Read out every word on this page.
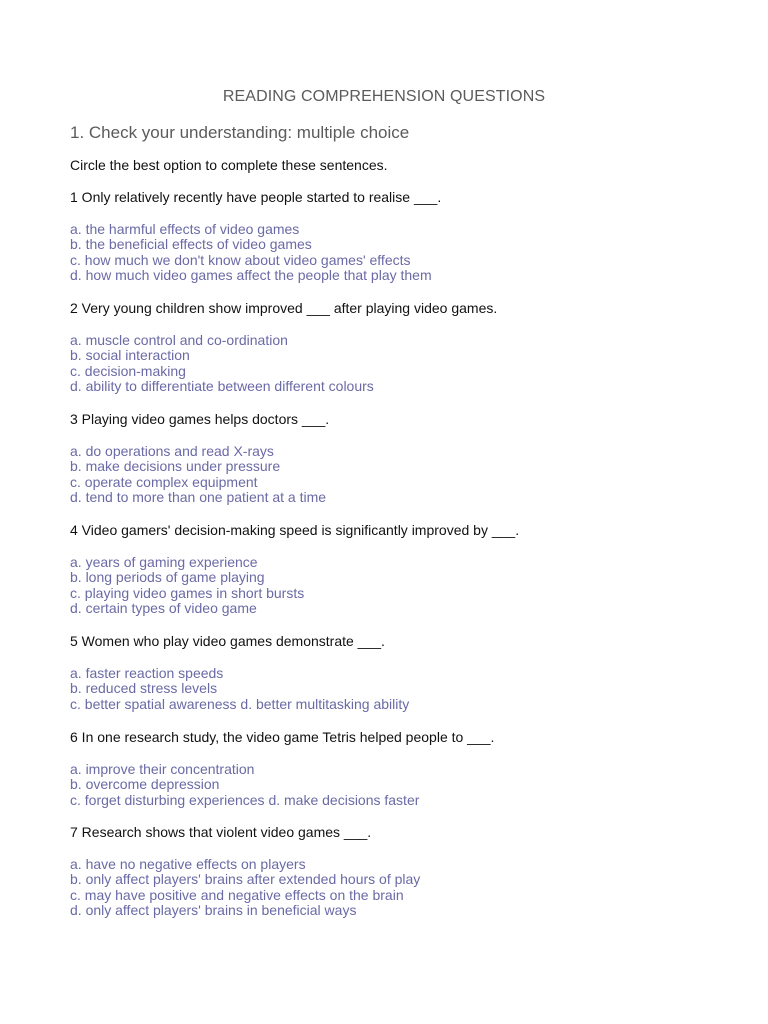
READING COMPREHENSION QUESTIONS
1. Check your understanding: multiple choice

Circle the best option to complete these sentences.

1 Only relatively recently have people started to realise ___.

a. the harmful effects of video games
b. the beneficial effects of video games
c. how much we don't know about video games' effects
d. how much video games affect the people that play them

2 Very young children show improved ___ after playing video games.

a. muscle control and co-ordination
b. social interaction
c. decision-making
d. ability to differentiate between different colours

3 Playing video games helps doctors ___.

a. do operations and read X-rays
b. make decisions under pressure
c. operate complex equipment
d. tend to more than one patient at a time

4 Video gamers' decision-making speed is significantly improved by ___.

a. years of gaming experience
b. long periods of game playing
c. playing video games in short bursts
d. certain types of video game

5 Women who play video games demonstrate ___.

a. faster reaction speeds
b. reduced stress levels
c. better spatial awareness d. better multitasking ability

6 In one research study, the video game Tetris helped people to ___.

a. improve their concentration
b. overcome depression
c. forget disturbing experiences d. make decisions faster

7 Research shows that violent video games ___.

a. have no negative effects on players
b. only affect players' brains after extended hours of play
c. may have positive and negative effects on the brain
d. only affect players' brains in beneficial ways
